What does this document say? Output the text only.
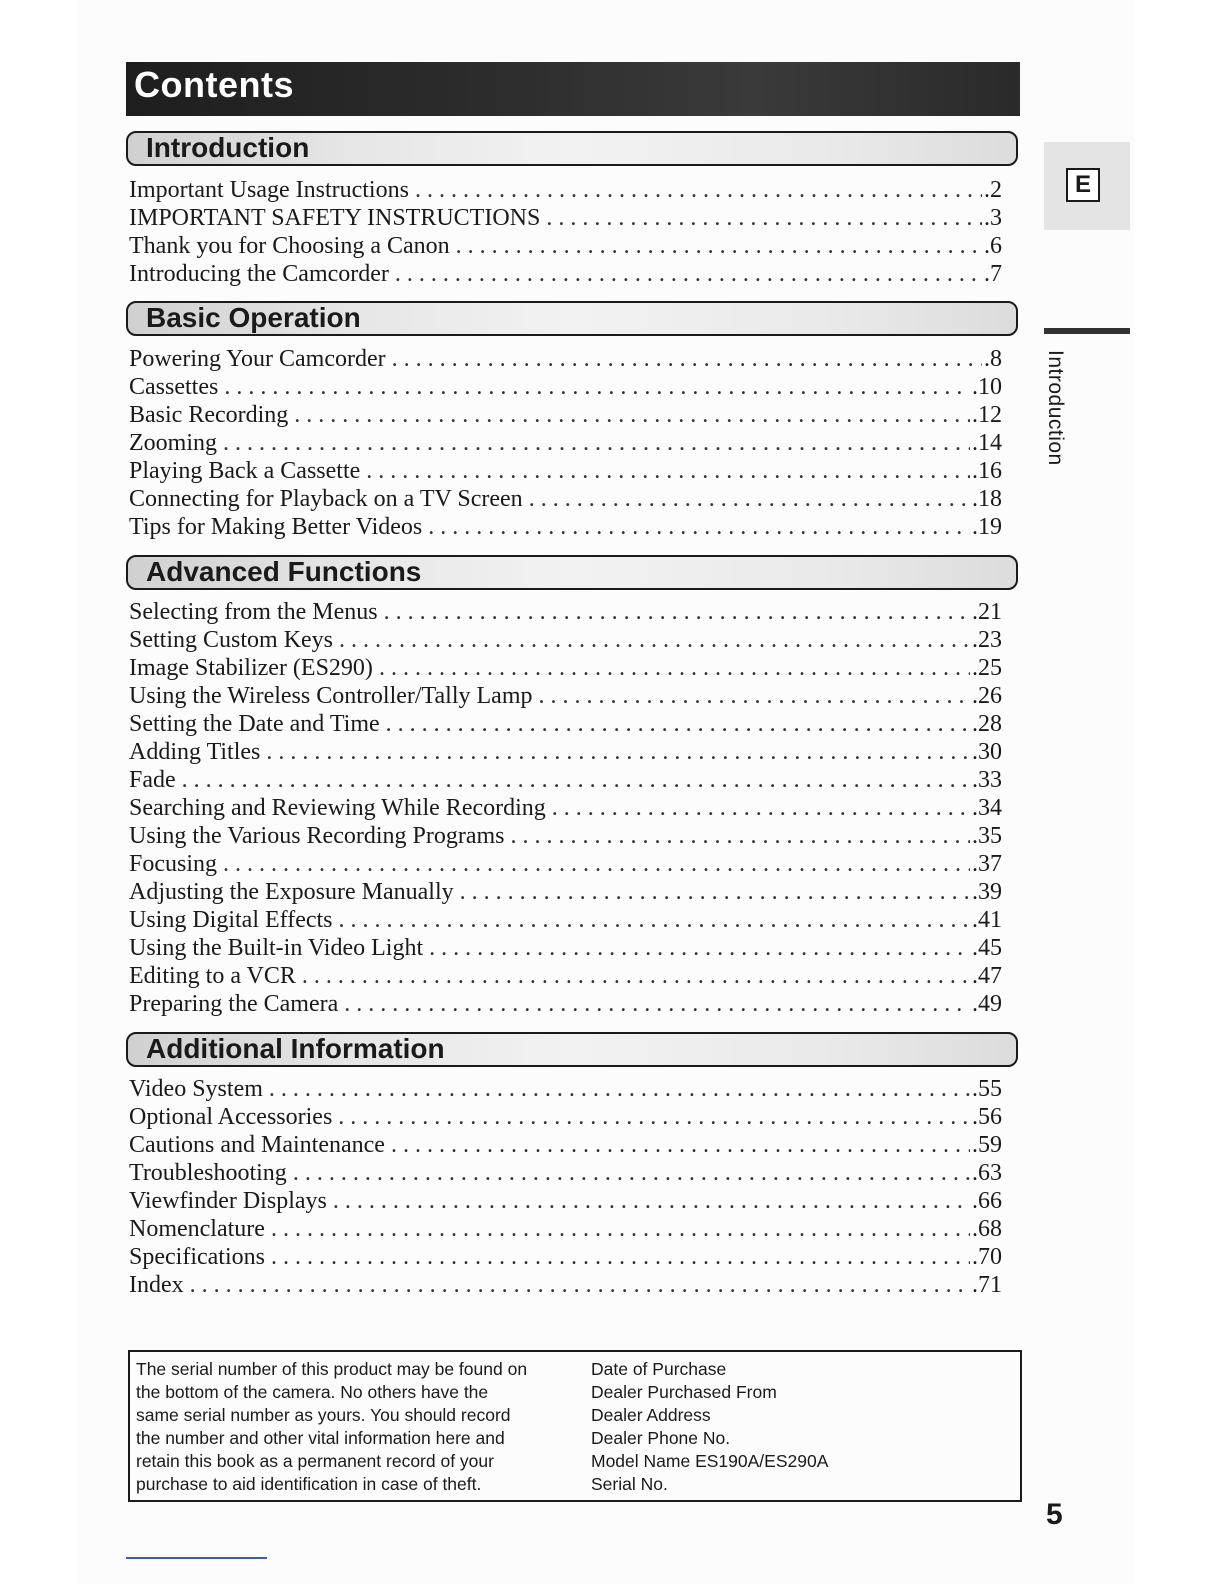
Contents
Introduction
Important Usage Instructions . . .	.2
IMPORTANT SAFETY INSTRUCTIONS . . .	.3
Thank you for Choosing a Canon . . .	.6
Introducing the Camcorder . . .	.7
Basic Operation
Powering Your Camcorder . . .	.8
Cassettes . . .	.10
Basic Recording . . .	.12
Zooming . . .	.14
Playing Back a Cassette . . .	.16
Connecting for Playback on a TV Screen . . .	.18
Tips for Making Better Videos . . .	.19
Advanced Functions
Selecting from the Menus . . .	.21
Setting Custom Keys . . .	.23
Image Stabilizer (ES290) . . .	.25
Using the Wireless Controller/Tally Lamp . . .	.26
Setting the Date and Time . . .	.28
Adding Titles . . .	.30
Fade . . .	.33
Searching and Reviewing While Recording . . .	.34
Using the Various Recording Programs . . .	.35
Focusing . . .	.37
Adjusting the Exposure Manually . . .	.39
Using Digital Effects . . .	.41
Using the Built-in Video Light . . .	.45
Editing to a VCR . . .	.47
Preparing the Camera . . .	.49
Additional Information
Video System . . .	.55
Optional Accessories . . .	.56
Cautions and Maintenance . . .	.59
Troubleshooting . . .	.63
Viewfinder Displays . . .	.66
Nomenclature . . .	.68
Specifications . . .	.70
Index . . .	.71
E
Introduction
The serial number of this product may be found on
the bottom of the camera. No others have the
same serial number as yours. You should record
the number and other vital information here and
retain this book as a permanent record of your
purchase to aid identification in case of theft.
Date of Purchase
Dealer Purchased From
Dealer Address
Dealer Phone No.
Model Name ES190A/ES290A
Serial No.
5
